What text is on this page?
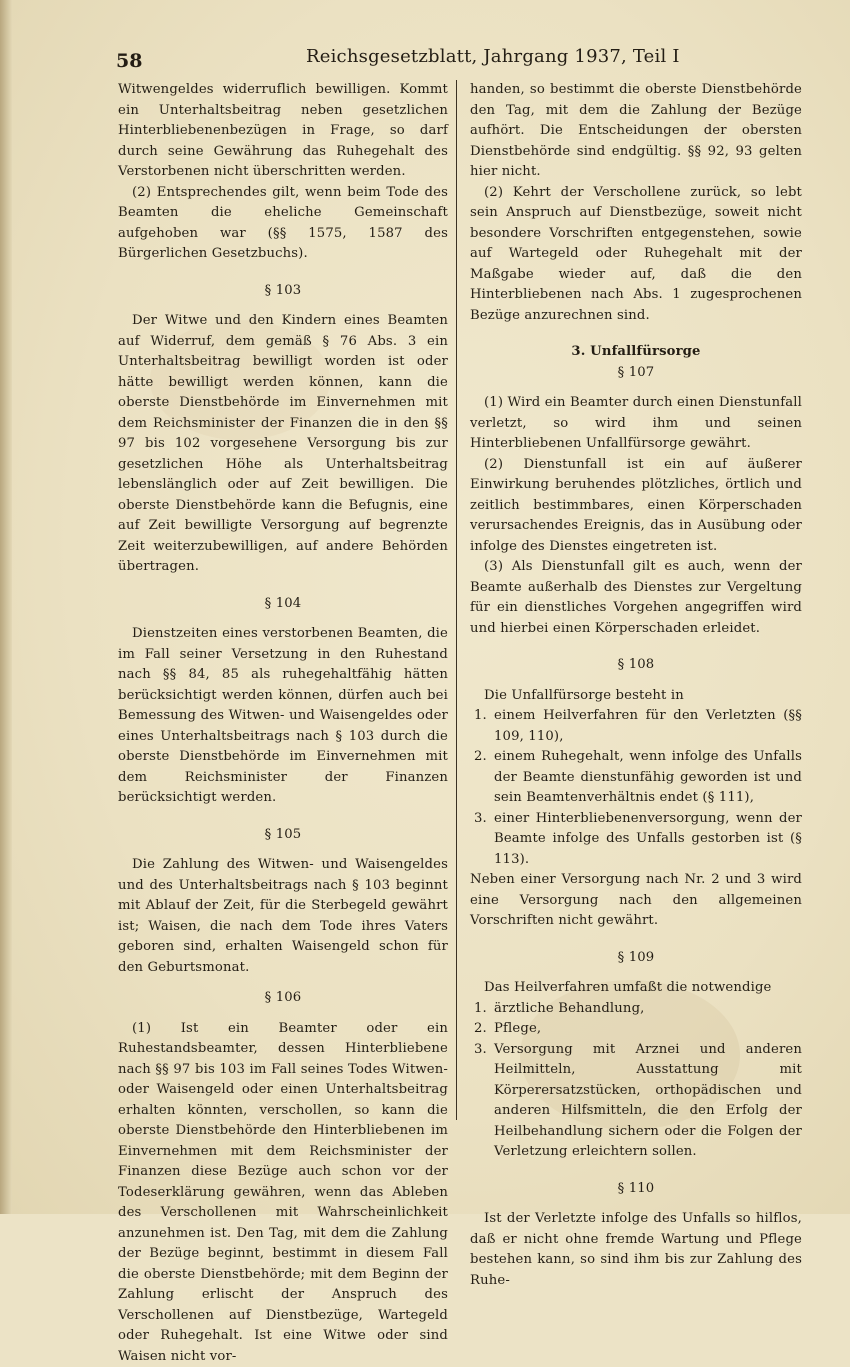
58	Reichsgesetzblatt, Jahrgang 1937, Teil I

Witwengeldes widerruflich bewilligen. Kommt ein Unterhaltsbeitrag neben gesetzlichen Hinterbliebenenbezügen in Frage, so darf durch seine Gewährung das Ruhegehalt des Verstorbenen nicht überschritten werden.

(2) Entsprechendes gilt, wenn beim Tode des Beamten die eheliche Gemeinschaft aufgehoben war (§§ 1575, 1587 des Bürgerlichen Gesetzbuchs).

§ 103

Der Witwe und den Kindern eines Beamten auf Widerruf, dem gemäß § 76 Abs. 3 ein Unterhaltsbeitrag bewilligt worden ist oder hätte bewilligt werden können, kann die oberste Dienstbehörde im Einvernehmen mit dem Reichsminister der Finanzen die in den §§ 97 bis 102 vorgesehene Versorgung bis zur gesetzlichen Höhe als Unterhaltsbeitrag lebenslänglich oder auf Zeit bewilligen. Die oberste Dienstbehörde kann die Befugnis, eine auf Zeit bewilligte Versorgung auf begrenzte Zeit weiterzubewilligen, auf andere Behörden übertragen.

§ 104

Dienstzeiten eines verstorbenen Beamten, die im Fall seiner Versetzung in den Ruhestand nach §§ 84, 85 als ruhegehaltfähig hätten berücksichtigt werden können, dürfen auch bei Bemessung des Witwen- und Waisengeldes oder eines Unterhaltsbeitrags nach § 103 durch die oberste Dienstbehörde im Einvernehmen mit dem Reichsminister der Finanzen berücksichtigt werden.

§ 105

Die Zahlung des Witwen- und Waisengeldes und des Unterhaltsbeitrags nach § 103 beginnt mit Ablauf der Zeit, für die Sterbegeld gewährt ist; Waisen, die nach dem Tode ihres Vaters geboren sind, erhalten Waisengeld schon für den Geburtsmonat.

§ 106

(1) Ist ein Beamter oder ein Ruhestandsbeamter, dessen Hinterbliebene nach §§ 97 bis 103 im Fall seines Todes Witwen- oder Waisengeld oder einen Unterhaltsbeitrag erhalten könnten, verschollen, so kann die oberste Dienstbehörde den Hinterbliebenen im Einvernehmen mit dem Reichsminister der Finanzen diese Bezüge auch schon vor der Todeserklärung gewähren, wenn das Ableben des Verschollenen mit Wahrscheinlichkeit anzunehmen ist. Den Tag, mit dem die Zahlung der Bezüge beginnt, bestimmt in diesem Fall die oberste Dienstbehörde; mit dem Beginn der Zahlung erlischt der Anspruch des Verschollenen auf Dienstbezüge, Wartegeld oder Ruhegehalt. Ist eine Witwe oder sind Waisen nicht vor-

handen, so bestimmt die oberste Dienstbehörde den Tag, mit dem die Zahlung der Bezüge aufhört. Die Entscheidungen der obersten Dienstbehörde sind endgültig. §§ 92, 93 gelten hier nicht.

(2) Kehrt der Verschollene zurück, so lebt sein Anspruch auf Dienstbezüge, soweit nicht besondere Vorschriften entgegenstehen, sowie auf Wartegeld oder Ruhegehalt mit der Maßgabe wieder auf, daß die den Hinterbliebenen nach Abs. 1 zugesprochenen Bezüge anzurechnen sind.

3. Unfallfürsorge

§ 107

(1) Wird ein Beamter durch einen Dienstunfall verletzt, so wird ihm und seinen Hinterbliebenen Unfallfürsorge gewährt.

(2) Dienstunfall ist ein auf äußerer Einwirkung beruhendes plötzliches, örtlich und zeitlich bestimmbares, einen Körperschaden verursachendes Ereignis, das in Ausübung oder infolge des Dienstes eingetreten ist.

(3) Als Dienstunfall gilt es auch, wenn der Beamte außerhalb des Dienstes zur Vergeltung für ein dienstliches Vorgehen angegriffen wird und hierbei einen Körperschaden erleidet.

§ 108

Die Unfallfürsorge besteht in

1. einem Heilverfahren für den Verletzten (§§ 109, 110),
2. einem Ruhegehalt, wenn infolge des Unfalls der Beamte dienstunfähig geworden ist und sein Beamtenverhältnis endet (§ 111),
3. einer Hinterbliebenenversorgung, wenn der Beamte infolge des Unfalls gestorben ist (§ 113).

Neben einer Versorgung nach Nr. 2 und 3 wird eine Versorgung nach den allgemeinen Vorschriften nicht gewährt.

§ 109

Das Heilverfahren umfaßt die notwendige

1. ärztliche Behandlung,
2. Pflege,
3. Versorgung mit Arznei und anderen Heilmitteln, Ausstattung mit Körperersatzstücken, orthopädischen und anderen Hilfsmitteln, die den Erfolg der Heilbehandlung sichern oder die Folgen der Verletzung erleichtern sollen.

§ 110

Ist der Verletzte infolge des Unfalls so hilflos, daß er nicht ohne fremde Wartung und Pflege bestehen kann, so sind ihm bis zur Zahlung des Ruhe-
